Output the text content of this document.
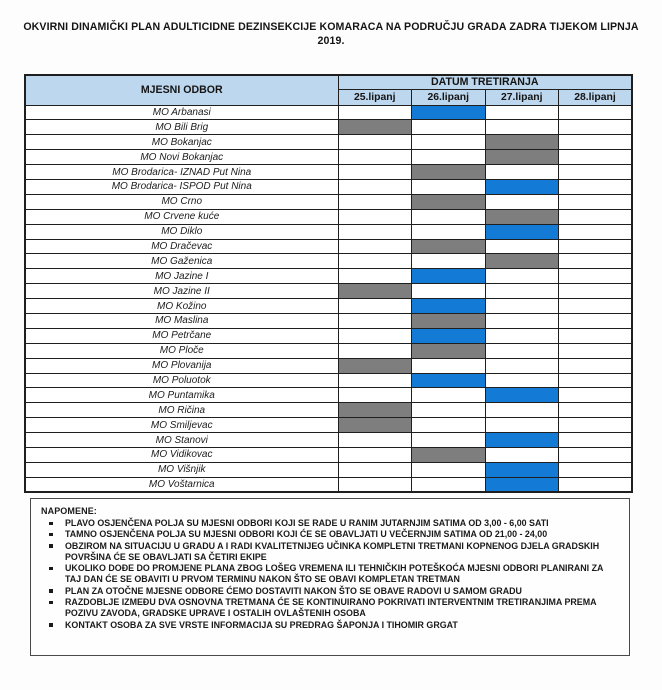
OKVIRNI DINAMIČKI PLAN ADULTICIDNE DEZINSEKCIJE KOMARACA NA PODRUČJU GRADA ZADRA TIJEKOM LIPNJA
2019.
MJESNI ODBOR	DATUM TRETIRANJA			
	25.lipanj	26.lipanj	27.lipanj	28.lipanj
MO Arbanasi				
MO Bili Brig				
MO Bokanjac				
MO Novi Bokanjac				
MO Brodarica- IZNAD Put Nina				
MO Brodarica- ISPOD Put Nina				
MO Crno				
MO Crvene kuće				
MO Diklo				
MO Dračevac				
MO Gaženica				
MO Jazine I				
MO Jazine II				
MO Kožino				
MO Maslina				
MO Petrčane				
MO Ploče				
MO Plovanija				
MO Poluotok				
MO Puntamika				
MO Ričina				
MO Smiljevac				
MO Stanovi				
MO Vidikovac				
MO Višnjik				
MO Voštarnica				
NAPOMENE:
PLAVO OSJENČENA POLJA SU MJESNI ODBORI KOJI SE RADE U RANIM JUTARNJIM SATIMA OD 3,00 - 6,00 SATI
TAMNO OSJENČENA POLJA SU MJESNI ODBORI KOJI ĆE SE OBAVLJATI U VEČERNJIM SATIMA OD 21,00 - 24,00
OBZIROM NA SITUACIJU U GRADU A I RADI KVALITETNIJEG UČINKA KOMPLETNI TRETMANI KOPNENOG DJELA GRADSKIH POVRŠINA ĆE SE OBAVLJATI SA ČETIRI EKIPE
UKOLIKO DOĐE DO PROMJENE PLANA ZBOG LOŠEG VREMENA ILI TEHNIČKIH POTEŠKOĆA MJESNI ODBORI PLANIRANI ZA TAJ DAN ĆE SE OBAVITI U PRVOM TERMINU NAKON ŠTO SE OBAVI KOMPLETAN TRETMAN
PLAN ZA OTOČNE MJESNE ODBORE ĆEMO DOSTAVITI NAKON ŠTO SE OBAVE RADOVI U SAMOM GRADU
RAZDOBLJE IZMEĐU DVA OSNOVNA TRETMANA ĆE SE KONTINUIRANO POKRIVATI INTERVENTNIM TRETIRANJIMA PREMA POZIVU ZAVODA, GRADSKE UPRAVE I OSTALIH OVLAŠTENIH OSOBA
KONTAKT OSOBA ZA SVE VRSTE INFORMACIJA SU PREDRAG ŠAPONJA I TIHOMIR GRGAT
